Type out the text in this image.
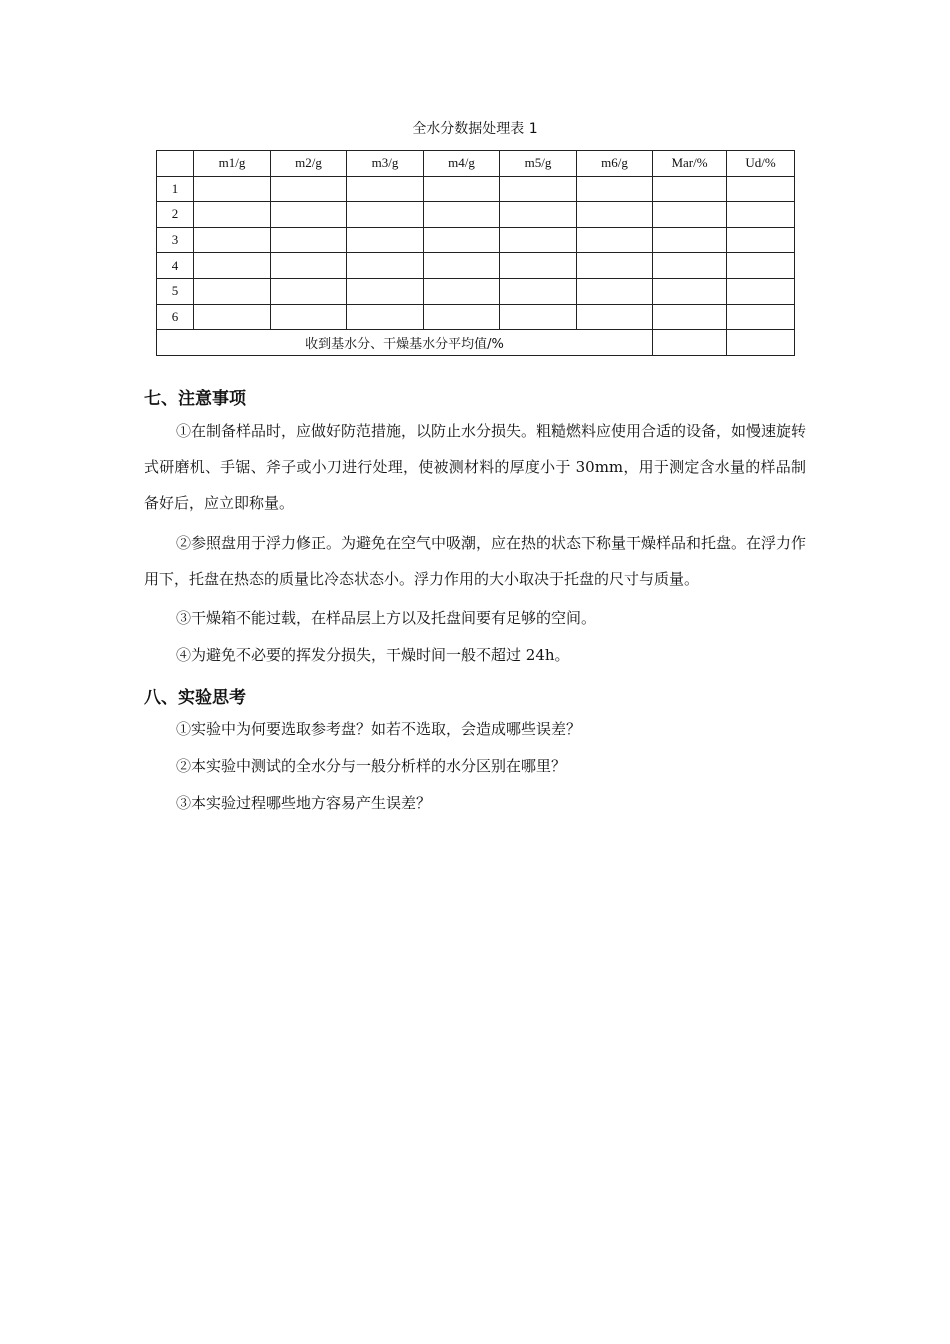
全水分数据处理表 1
	m1/g	m2/g	m3/g	m4/g	m5/g	m6/g	Mar/%	Ud/%
1								
2								
3								
4								
5								
6								
收到基水分、干燥基水分平均值/%								
七、注意事项

①在制备样品时，应做好防范措施，以防止水分损失。粗糙燃料应使用合适的设备，如慢速旋转式研磨机、手锯、斧子或小刀进行处理，使被测材料的厚度小于 30mm，用于测定含水量的样品制备好后，应立即称量。

②参照盘用于浮力修正。为避免在空气中吸潮，应在热的状态下称量干燥样品和托盘。在浮力作用下，托盘在热态的质量比冷态状态小。浮力作用的大小取决于托盘的尺寸与质量。

③干燥箱不能过载，在样品层上方以及托盘间要有足够的空间。

④为避免不必要的挥发分损失，干燥时间一般不超过 24h。

八、实验思考

①实验中为何要选取参考盘？如若不选取，会造成哪些误差？

②本实验中测试的全水分与一般分析样的水分区别在哪里？

③本实验过程哪些地方容易产生误差？
